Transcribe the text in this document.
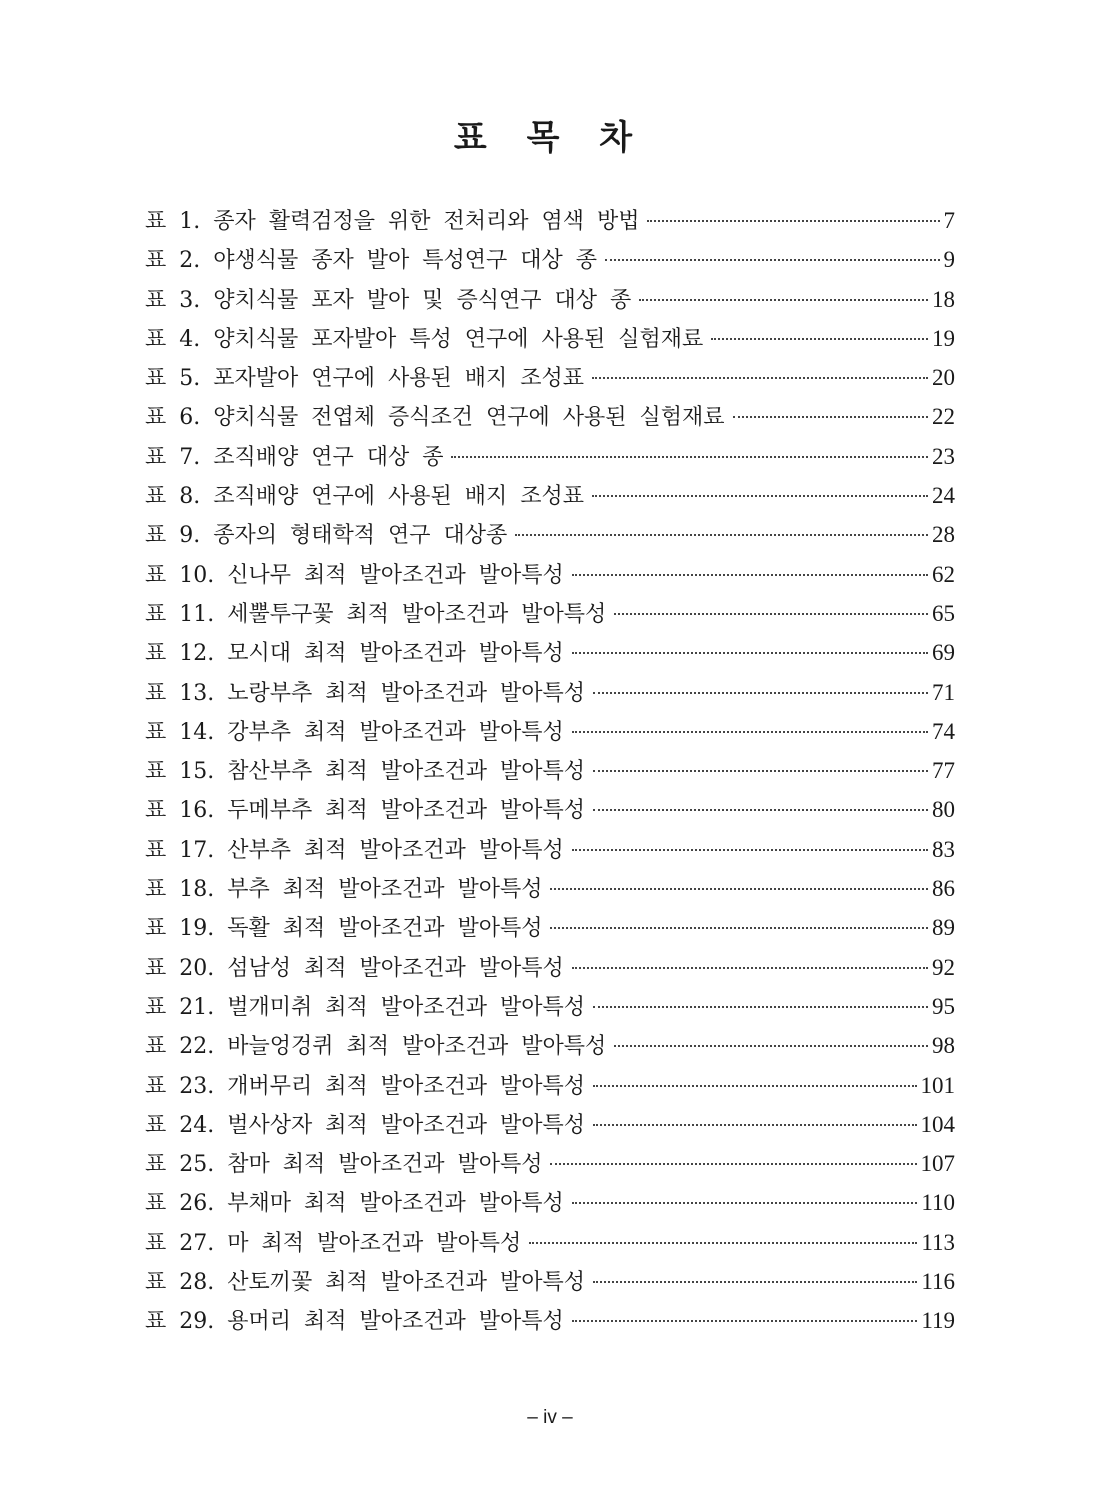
표 목 차
표 1. 종자 활력검정을 위한 전처리와 염색 방법	7
표 2. 야생식물 종자 발아 특성연구 대상 종	9
표 3. 양치식물 포자 발아 및 증식연구 대상 종	18
표 4. 양치식물 포자발아 특성 연구에 사용된 실험재료	19
표 5. 포자발아 연구에 사용된 배지 조성표	20
표 6. 양치식물 전엽체 증식조건 연구에 사용된 실험재료	22
표 7. 조직배양 연구 대상 종	23
표 8. 조직배양 연구에 사용된 배지 조성표	24
표 9. 종자의 형태학적 연구 대상종	28
표 10. 신나무 최적 발아조건과 발아특성	62
표 11. 세뿔투구꽃 최적 발아조건과 발아특성	65
표 12. 모시대 최적 발아조건과 발아특성	69
표 13. 노랑부추 최적 발아조건과 발아특성	71
표 14. 강부추 최적 발아조건과 발아특성	74
표 15. 참산부추 최적 발아조건과 발아특성	77
표 16. 두메부추 최적 발아조건과 발아특성	80
표 17. 산부추 최적 발아조건과 발아특성	83
표 18. 부추 최적 발아조건과 발아특성	86
표 19. 독활 최적 발아조건과 발아특성	89
표 20. 섬남성 최적 발아조건과 발아특성	92
표 21. 벌개미취 최적 발아조건과 발아특성	95
표 22. 바늘엉겅퀴 최적 발아조건과 발아특성	98
표 23. 개버무리 최적 발아조건과 발아특성	101
표 24. 벌사상자 최적 발아조건과 발아특성	104
표 25. 참마 최적 발아조건과 발아특성	107
표 26. 부채마 최적 발아조건과 발아특성	110
표 27. 마 최적 발아조건과 발아특성	113
표 28. 산토끼꽃 최적 발아조건과 발아특성	116
표 29. 용머리 최적 발아조건과 발아특성	119
– iv –
